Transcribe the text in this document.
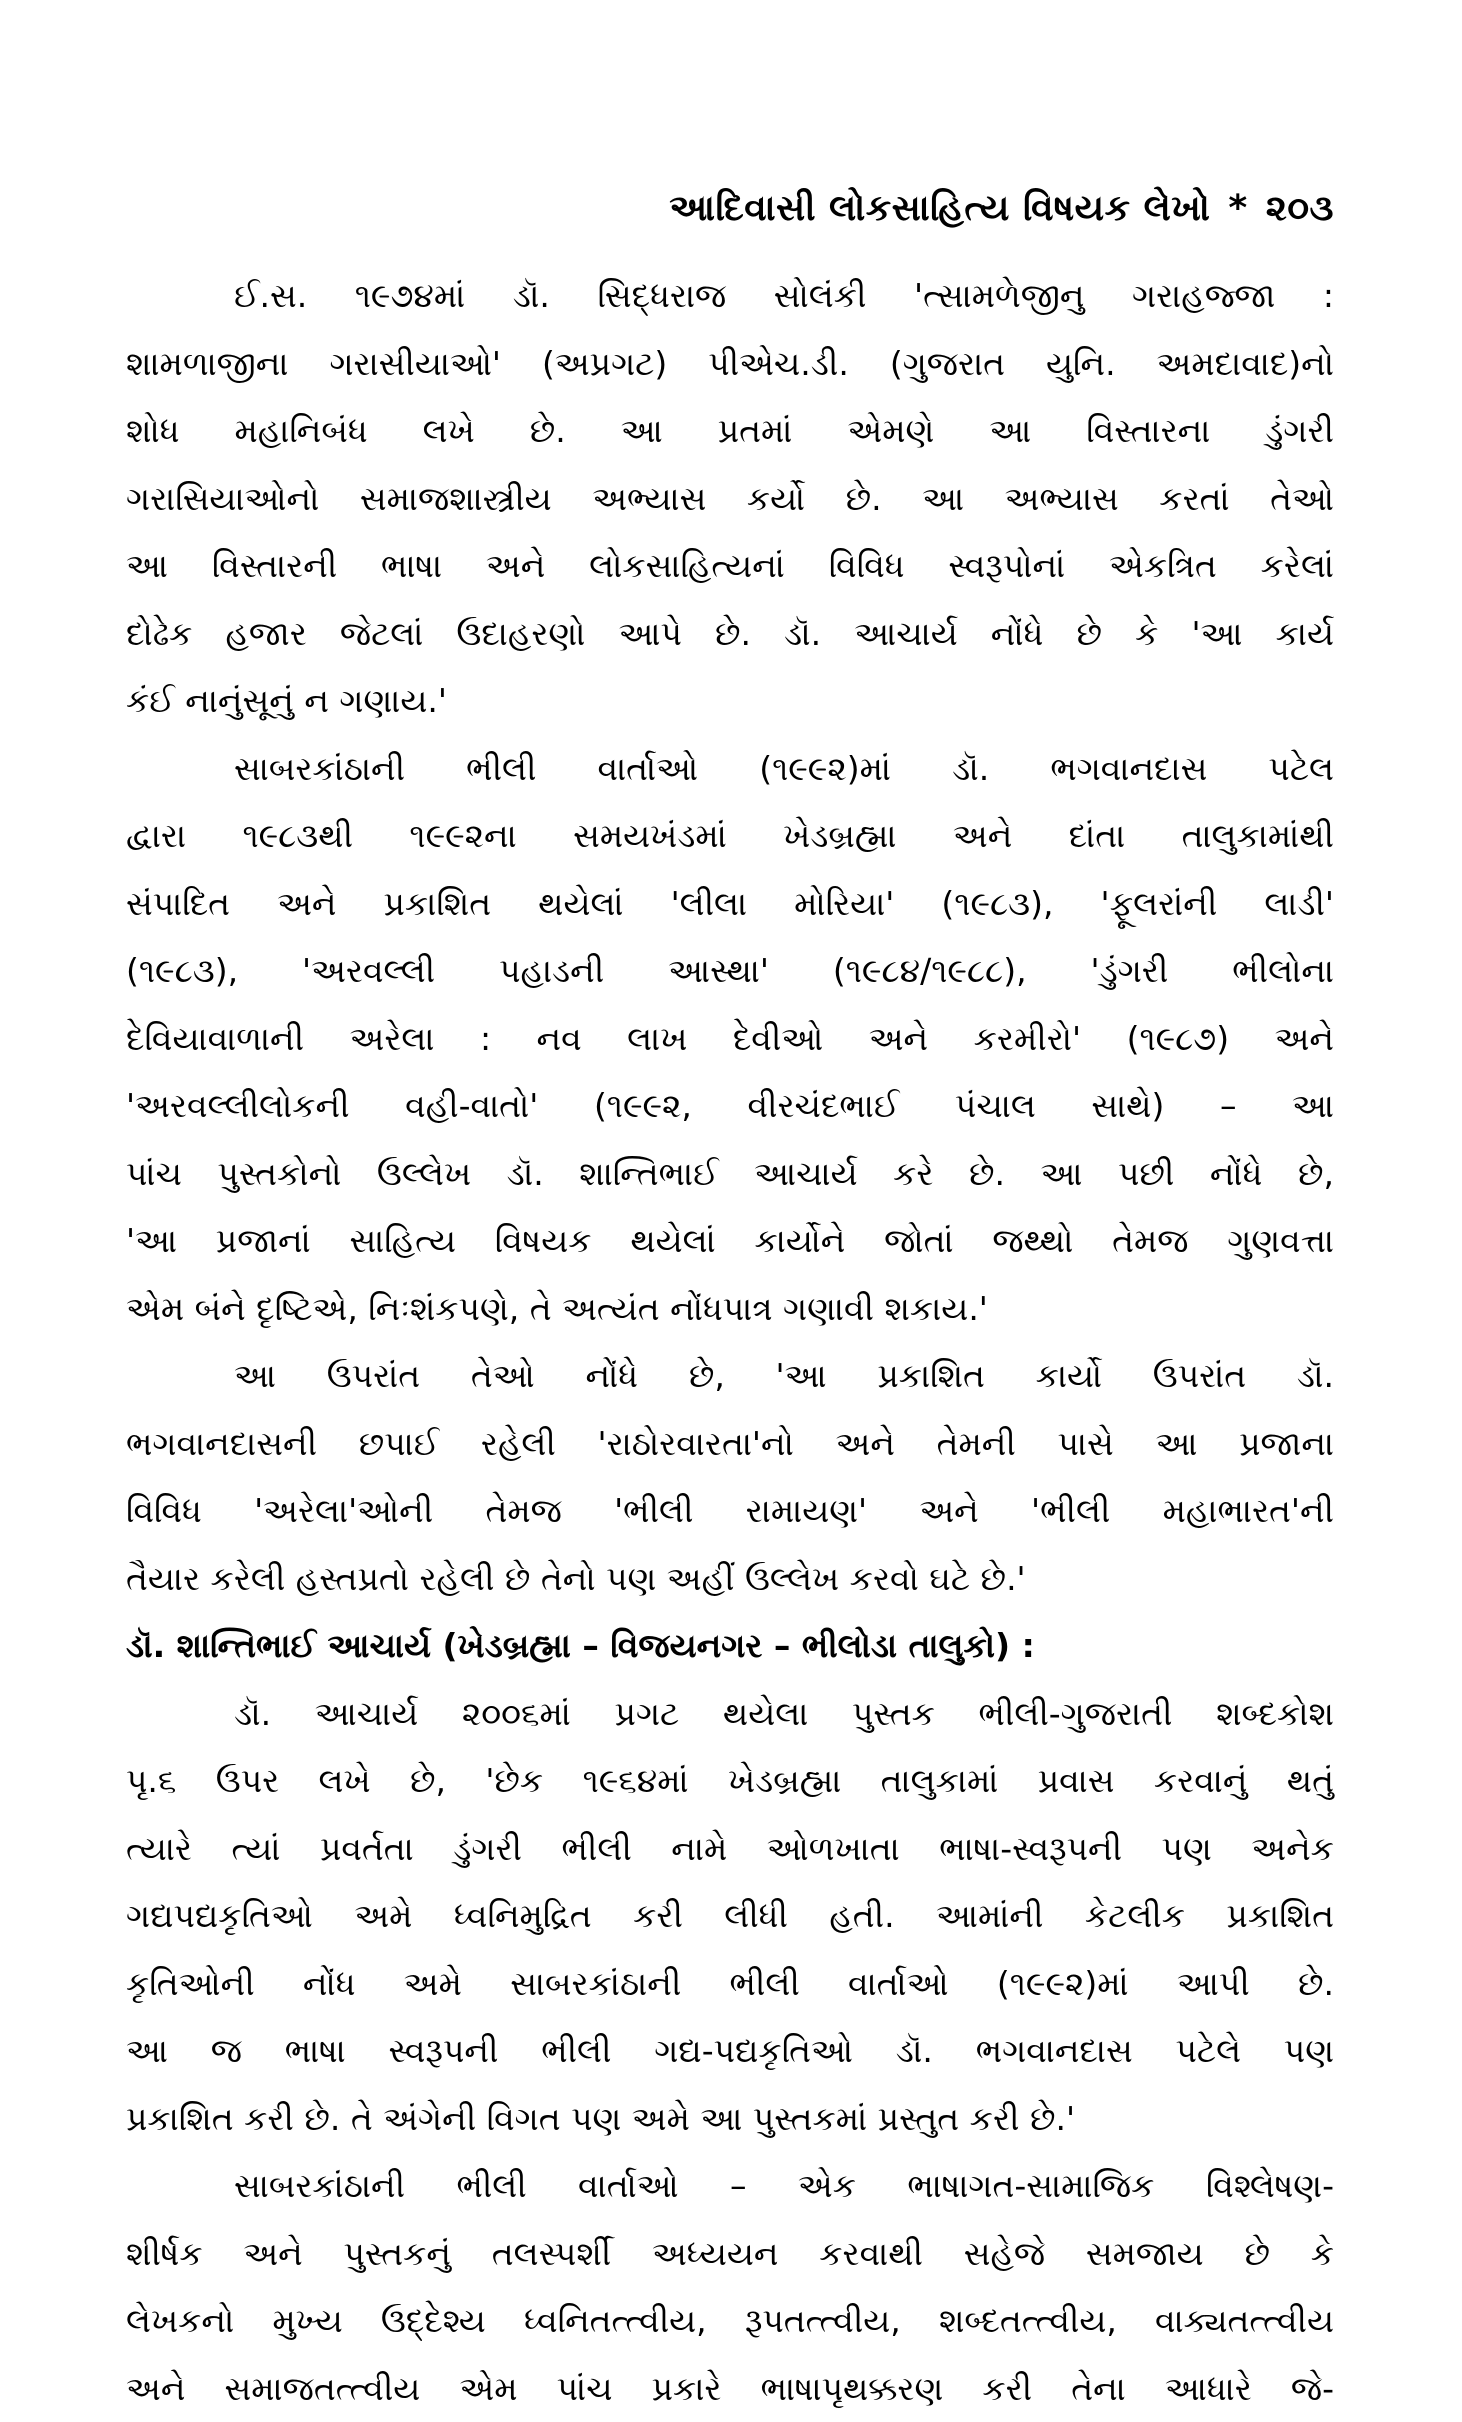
આદિવાસી લોકસાહિત્ય વિષયક લેખો * ૨૦૩
ઈ.સ. ૧૯૭૪માં ડૉ. સિદ્ધરાજ સોલંકી 'ત્સામળેજીનુ ગરાહજ્જા :
શામળાજીના ગરાસીયાઓ' (અપ્રગટ) પીએચ.ડી. (ગુજરાત યુનિ. અમદાવાદ)નો
શોધ મહાનિબંધ લખે છે. આ પ્રતમાં એમણે આ વિસ્તારના ડુંગરી
ગરાસિયાઓનો સમાજશાસ્ત્રીય અભ્યાસ કર્યો છે. આ અભ્યાસ કરતાં તેઓ
આ વિસ્તારની ભાષા અને લોકસાહિત્યનાં વિવિધ સ્વરૂપોનાં એકત્રિત કરેલાં
દોઢેક હજાર જેટલાં ઉદાહરણો આપે છે. ડૉ. આચાર્ય નોંધે છે કે 'આ કાર્ય
કંઈ નાનુંસૂનું ન ગણાય.'
સાબરકાંઠાની ભીલી વાર્તાઓ (૧૯૯૨)માં ડૉ. ભગવાનદાસ પટેલ
દ્વારા ૧૯૮૩થી ૧૯૯૨ના સમયખંડમાં ખેડબ્રહ્મા અને દાંતા તાલુકામાંથી
સંપાદિત અને પ્રકાશિત થયેલાં 'લીલા મોરિયા' (૧૯૮૩), 'ફૂલરાંની લાડી'
(૧૯૮૩), 'અરવલ્લી પહાડની આસ્થા' (૧૯૮૪/૧૯૮૮), 'ડુંગરી ભીલોના
દેવિયાવાળાની અરેલા : નવ લાખ દેવીઓ અને કરમીરો' (૧૯૮૭) અને
'અરવલ્લીલોકની વહી-વાતો' (૧૯૯૨, વીરચંદભાઈ પંચાલ સાથે) – આ
પાંચ પુસ્તકોનો ઉલ્લેખ ડૉ. શાન્તિભાઈ આચાર્ય કરે છે. આ પછી નોંધે છે,
'આ પ્રજાનાં સાહિત્ય વિષયક થયેલાં કાર્યોને જોતાં જથ્થો તેમજ ગુણવત્તા
એમ બંને દૃષ્ટિએ, નિઃશંકપણે, તે અત્યંત નોંધપાત્ર ગણાવી શકાય.'
આ ઉપરાંત તેઓ નોંધે છે, 'આ પ્રકાશિત કાર્યો ઉપરાંત ડૉ.
ભગવાનદાસની છપાઈ રહેલી 'રાઠોરવારતા'નો અને તેમની પાસે આ પ્રજાના
વિવિધ 'અરેલા'ઓની તેમજ 'ભીલી રામાયણ' અને 'ભીલી મહાભારત'ની
તૈયાર કરેલી હસ્તપ્રતો રહેલી છે તેનો પણ અહીં ઉલ્લેખ કરવો ઘટે છે.'
ડૉ. શાન્તિભાઈ આચાર્ય (ખેડબ્રહ્મા – વિજયનગર – ભીલોડા તાલુકો) :
ડૉ. આચાર્ય ૨૦૦૬માં પ્રગટ થયેલા પુસ્તક ભીલી-ગુજરાતી શબ્દકોશ
પૃ.૬ ઉપર લખે છે, 'છેક ૧૯૬૪માં ખેડબ્રહ્મા તાલુકામાં પ્રવાસ કરવાનું થતું
ત્યારે ત્યાં પ્રવર્તતા ડુંગરી ભીલી નામે ઓળખાતા ભાષા-સ્વરૂપની પણ અનેક
ગદ્યપદ્યકૃતિઓ અમે ધ્વનિમુદ્રિત કરી લીધી હતી. આમાંની કેટલીક પ્રકાશિત
કૃતિઓની નોંધ અમે સાબરકાંઠાની ભીલી વાર્તાઓ (૧૯૯૨)માં આપી છે.
આ જ ભાષા સ્વરૂપની ભીલી ગદ્ય-પદ્યકૃતિઓ ડૉ. ભગવાનદાસ પટેલે પણ
પ્રકાશિત કરી છે. તે અંગેની વિગત પણ અમે આ પુસ્તકમાં પ્રસ્તુત કરી છે.'
સાબરકાંઠાની ભીલી વાર્તાઓ – એક ભાષાગત-સામાજિક વિશ્લેષણ-
શીર્ષક અને પુસ્તકનું તલસ્પર્શી અધ્યયન કરવાથી સહેજે સમજાય છે કે
લેખકનો મુખ્ય ઉદ્દેશ્ય ધ્વનિતત્ત્વીય, રૂપતત્ત્વીય, શબ્દતત્ત્વીય, વાક્યતત્ત્વીય
અને સમાજતત્ત્વીય એમ પાંચ પ્રકારે ભાષાપૃથક્કરણ કરી તેના આધારે જે-
